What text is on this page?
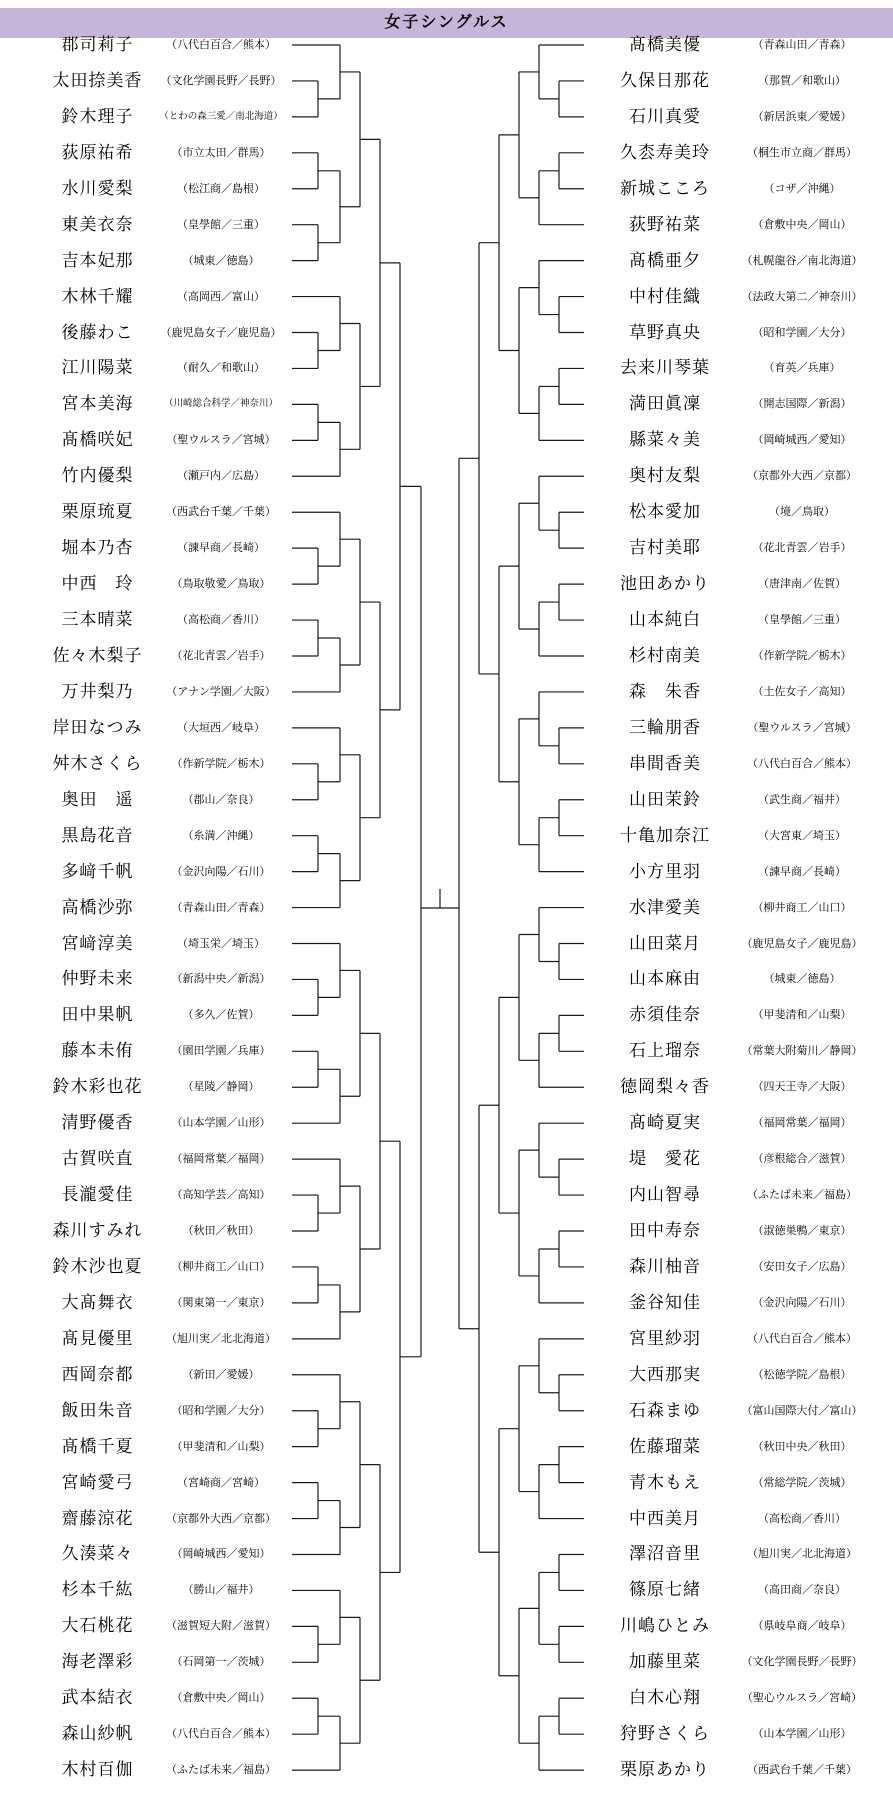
女子シングルス
郡司莉子	（八代白百合／熊本）
太田捺美香	（文化学園長野／長野）
鈴木理子	（とわの森三愛／南北海道）
荻原祐希	（市立太田／群馬）
水川愛梨	（松江商／島根）
東美衣奈	（皇學館／三重）
吉本妃那	（城東／徳島）
木林千耀	（高岡西／富山）
後藤わこ	（鹿児島女子／鹿児島）
江川陽菜	（耐久／和歌山）
宮本美海	（川崎総合科学／神奈川）
髙橋咲妃	（聖ウルスラ／宮城）
竹内優梨	（瀬戸内／広島）
栗原琉夏	（西武台千葉／千葉）
堀本乃杏	（諫早商／長崎）
中西　玲	（鳥取敬愛／鳥取）
三本晴菜	（高松商／香川）
佐々木梨子	（花北青雲／岩手）
万井梨乃	（アナン学園／大阪）
岸田なつみ	（大垣西／岐阜）
舛木さくら	（作新学院／栃木）
奥田　遥	（郡山／奈良）
黒島花音	（糸満／沖縄）
多﨑千帆	（金沢向陽／石川）
高橋沙弥	（青森山田／青森）
宮﨑淳美	（埼玉栄／埼玉）
仲野未来	（新潟中央／新潟）
田中果帆	（多久／佐賀）
藤本未侑	（園田学園／兵庫）
鈴木彩也花	（星陵／静岡）
清野優香	（山本学園／山形）
古賀咲直	（福岡常葉／福岡）
長瀧愛佳	（高知学芸／高知）
森川すみれ	（秋田／秋田）
鈴木沙也夏	（柳井商工／山口）
大髙舞衣	（関東第一／東京）
髙見優里	（旭川実／北北海道）
西岡奈都	（新田／愛媛）
飯田朱音	（昭和学園／大分）
髙橋千夏	（甲斐清和／山梨）
宮崎愛弓	（宮崎商／宮崎）
齋藤涼花	（京都外大西／京都）
久湊菜々	（岡崎城西／愛知）
杉本千紘	（勝山／福井）
大石桃花	（滋賀短大附／滋賀）
海老澤彩	（石岡第一／茨城）
武本結衣	（倉敷中央／岡山）
森山紗帆	（八代白百合／熊本）
木村百伽	（ふたば未来／福島）
髙橋美優	（青森山田／青森）
久保日那花	（那賀／和歌山）
石川真愛	（新居浜東／愛媛）
久枩寿美玲	（桐生市立商／群馬）
新城こころ	（コザ／沖縄）
荻野祐菜	（倉敷中央／岡山）
髙橋亜夕	（札幌龍谷／南北海道）
中村佳織	（法政大第二／神奈川）
草野真央	（昭和学園／大分）
去来川琴葉	（育英／兵庫）
満田眞凜	（開志国際／新潟）
縣菜々美	（岡崎城西／愛知）
奥村友梨	（京都外大西／京都）
松本愛加	（境／鳥取）
吉村美耶	（花北青雲／岩手）
池田あかり	（唐津南／佐賀）
山本純白	（皇學館／三重）
杉村南美	（作新学院／栃木）
森　朱香	（土佐女子／高知）
三輪朋香	（聖ウルスラ／宮城）
串間香美	（八代白百合／熊本）
山田茉鈴	（武生商／福井）
十亀加奈江	（大宮東／埼玉）
小方里羽	（諫早商／長崎）
水津愛美	（柳井商工／山口）
山田菜月	（鹿児島女子／鹿児島）
山本麻由	（城東／徳島）
赤須佳奈	（甲斐清和／山梨）
石上瑠奈	（常葉大附菊川／静岡）
徳岡梨々香	（四天王寺／大阪）
髙崎夏実	（福岡常葉／福岡）
堤　愛花	（彦根総合／滋賀）
内山智尋	（ふたば未来／福島）
田中寿奈	（淑徳巣鴨／東京）
森川柚音	（安田女子／広島）
釜谷知佳	（金沢向陽／石川）
宮里紗羽	（八代白百合／熊本）
大西那実	（松徳学院／島根）
石森まゆ	（富山国際大付／富山）
佐藤瑠菜	（秋田中央／秋田）
青木もえ	（常総学院／茨城）
中西美月	（高松商／香川）
澤沼音里	（旭川実／北北海道）
篠原七緒	（高田商／奈良）
川嶋ひとみ	（県岐阜商／岐阜）
加藤里菜	（文化学園長野／長野）
白木心翔	（聖心ウルスラ／宮崎）
狩野さくら	（山本学園／山形）
栗原あかり	（西武台千葉／千葉）
